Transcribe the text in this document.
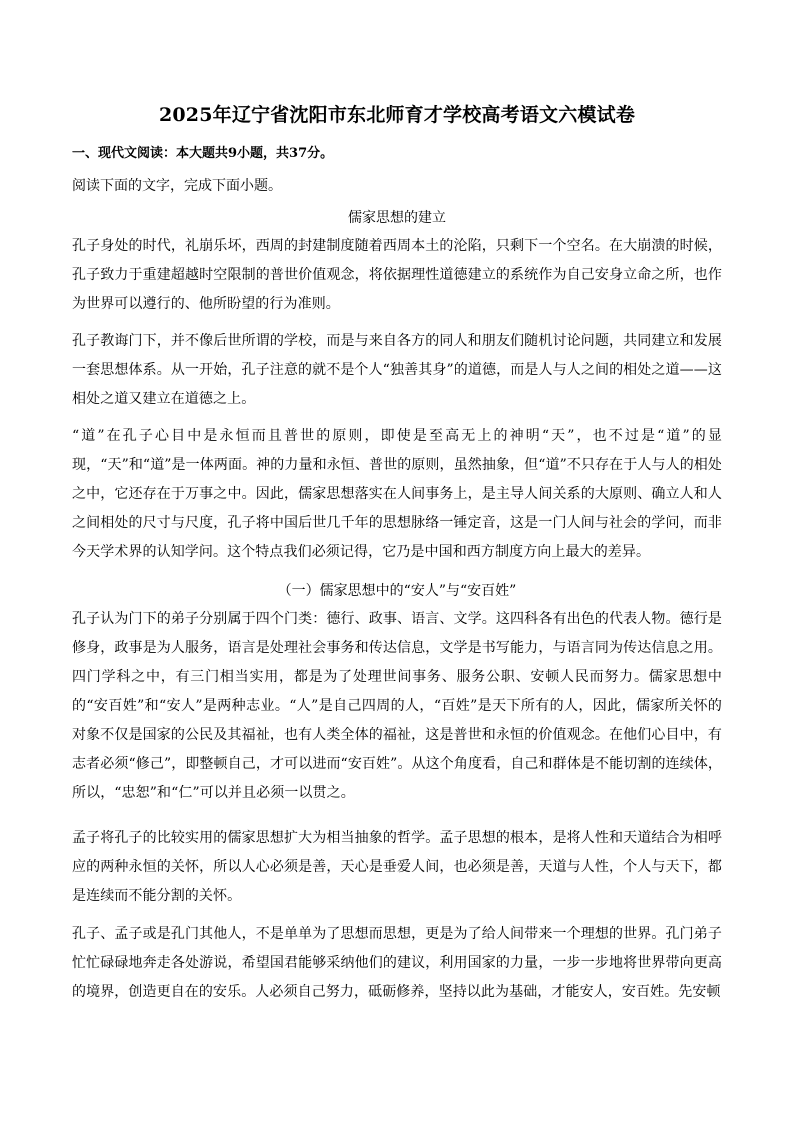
2025年辽宁省沈阳市东北师育才学校高考语文六模试卷
一、现代文阅读：本大题共9小题，共37分。
阅读下面的文字，完成下面小题。
儒家思想的建立
孔子身处的时代，礼崩乐坏，西周的封建制度随着西周本土的沦陷，只剩下一个空名。在大崩溃的时候，孔子致力于重建超越时空限制的普世价值观念，将依据理性道德建立的系统作为自己安身立命之所，也作为世界可以遵行的、他所盼望的行为准则。
孔子教诲门下，并不像后世所谓的学校，而是与来自各方的同人和朋友们随机讨论问题，共同建立和发展一套思想体系。从一开始，孔子注意的就不是个人“独善其身”的道德，而是人与人之间的相处之道——这相处之道又建立在道德之上。
“道”在孔子心目中是永恒而且普世的原则，即使是至高无上的神明“天”，也不过是“道”的显现，“天”和“道”是一体两面。神的力量和永恒、普世的原则，虽然抽象，但“道”不只存在于人与人的相处之中，它还存在于万事之中。因此，儒家思想落实在人间事务上，是主导人间关系的大原则、确立人和人之间相处的尺寸与尺度，孔子将中国后世几千年的思想脉络一锤定音，这是一门人间与社会的学问，而非今天学术界的认知学问。这个特点我们必须记得，它乃是中国和西方制度方向上最大的差异。
（一）儒家思想中的“安人”与“安百姓”
孔子认为门下的弟子分别属于四个门类：德行、政事、语言、文学。这四科各有出色的代表人物。德行是修身，政事是为人服务，语言是处理社会事务和传达信息，文学是书写能力，与语言同为传达信息之用。四门学科之中，有三门相当实用，都是为了处理世间事务、服务公职、安顿人民而努力。儒家思想中的“安百姓”和“安人”是两种志业。“人”是自己四周的人，“百姓”是天下所有的人，因此，儒家所关怀的对象不仅是国家的公民及其福祉，也有人类全体的福祉，这是普世和永恒的价值观念。在他们心目中，有志者必须“修己”，即整顿自己，才可以进而“安百姓”。从这个角度看，自己和群体是不能切割的连续体，所以，“忠恕”和“仁”可以并且必须一以贯之。
孟子将孔子的比较实用的儒家思想扩大为相当抽象的哲学。孟子思想的根本，是将人性和天道结合为相呼应的两种永恒的关怀，所以人心必须是善，天心是垂爱人间，也必须是善，天道与人性，个人与天下，都是连续而不能分割的关怀。
孔子、孟子或是孔门其他人，不是单单为了思想而思想，更是为了给人间带来一个理想的世界。孔门弟子忙忙碌碌地奔走各处游说，希望国君能够采纳他们的建议，利用国家的力量，一步一步地将世界带向更高的境界，创造更自在的安乐。人必须自己努力，砥砺修养，坚持以此为基础，才能安人，安百姓。先安顿
